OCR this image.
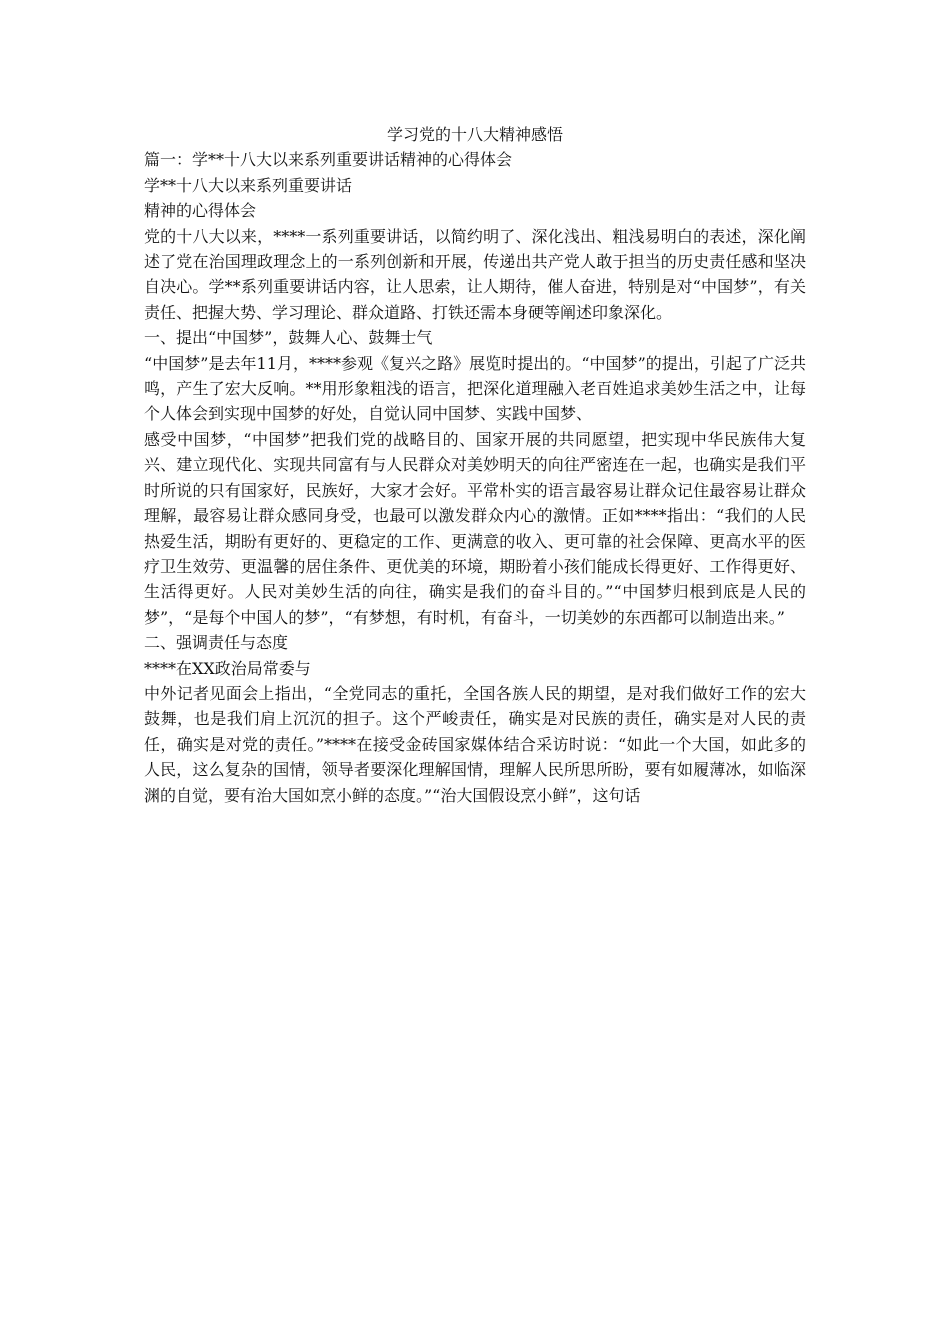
学习党的十八大精神感悟

篇一：学**十八大以来系列重要讲话精神的心得体会

学**十八大以来系列重要讲话

精神的心得体会

党的十八大以来，****一系列重要讲话，以简约明了、深化浅出、粗浅易明白的表述，深化阐述了党在治国理政理念上的一系列创新和开展，传递出共产党人敢于担当的历史责任感和坚决自决心。学**系列重要讲话内容，让人思索，让人期待，催人奋进，特别是对“中国梦”，有关责任、把握大势、学习理论、群众道路、打铁还需本身硬等阐述印象深化。

一、提出“中国梦”，鼓舞人心、鼓舞士气

“中国梦”是去年11月，****参观《复兴之路》展览时提出的。“中国梦”的提出，引起了广泛共鸣，产生了宏大反响。**用形象粗浅的语言，把深化道理融入老百姓追求美妙生活之中，让每个人体会到实现中国梦的好处，自觉认同中国梦、实践中国梦、

感受中国梦，“中国梦”把我们党的战略目的、国家开展的共同愿望，把实现中华民族伟大复兴、建立现代化、实现共同富有与人民群众对美妙明天的向往严密连在一起，也确实是我们平时所说的只有国家好，民族好，大家才会好。平常朴实的语言最容易让群众记住最容易让群众理解，最容易让群众感同身受，也最可以激发群众内心的激情。正如****指出：“我们的人民热爱生活，期盼有更好的、更稳定的工作、更满意的收入、更可靠的社会保障、更高水平的医疗卫生效劳、更温馨的居住条件、更优美的环境，期盼着小孩们能成长得更好、工作得更好、生活得更好。人民对美妙生活的向往，确实是我们的奋斗目的。”“中国梦归根到底是人民的梦”，“是每个中国人的梦”，“有梦想，有时机，有奋斗，一切美妙的东西都可以制造出来。”

二、强调责任与态度

****在XX政治局常委与

中外记者见面会上指出，“全党同志的重托，全国各族人民的期望，是对我们做好工作的宏大鼓舞，也是我们肩上沉沉的担子。这个严峻责任，确实是对民族的责任，确实是对人民的责任，确实是对党的责任。”****在接受金砖国家媒体结合采访时说：“如此一个大国，如此多的人民，这么复杂的国情，领导者要深化理解国情，理解人民所思所盼，要有如履薄冰，如临深渊的自觉，要有治大国如烹小鲜的态度。”“治大国假设烹小鲜”，这句话
